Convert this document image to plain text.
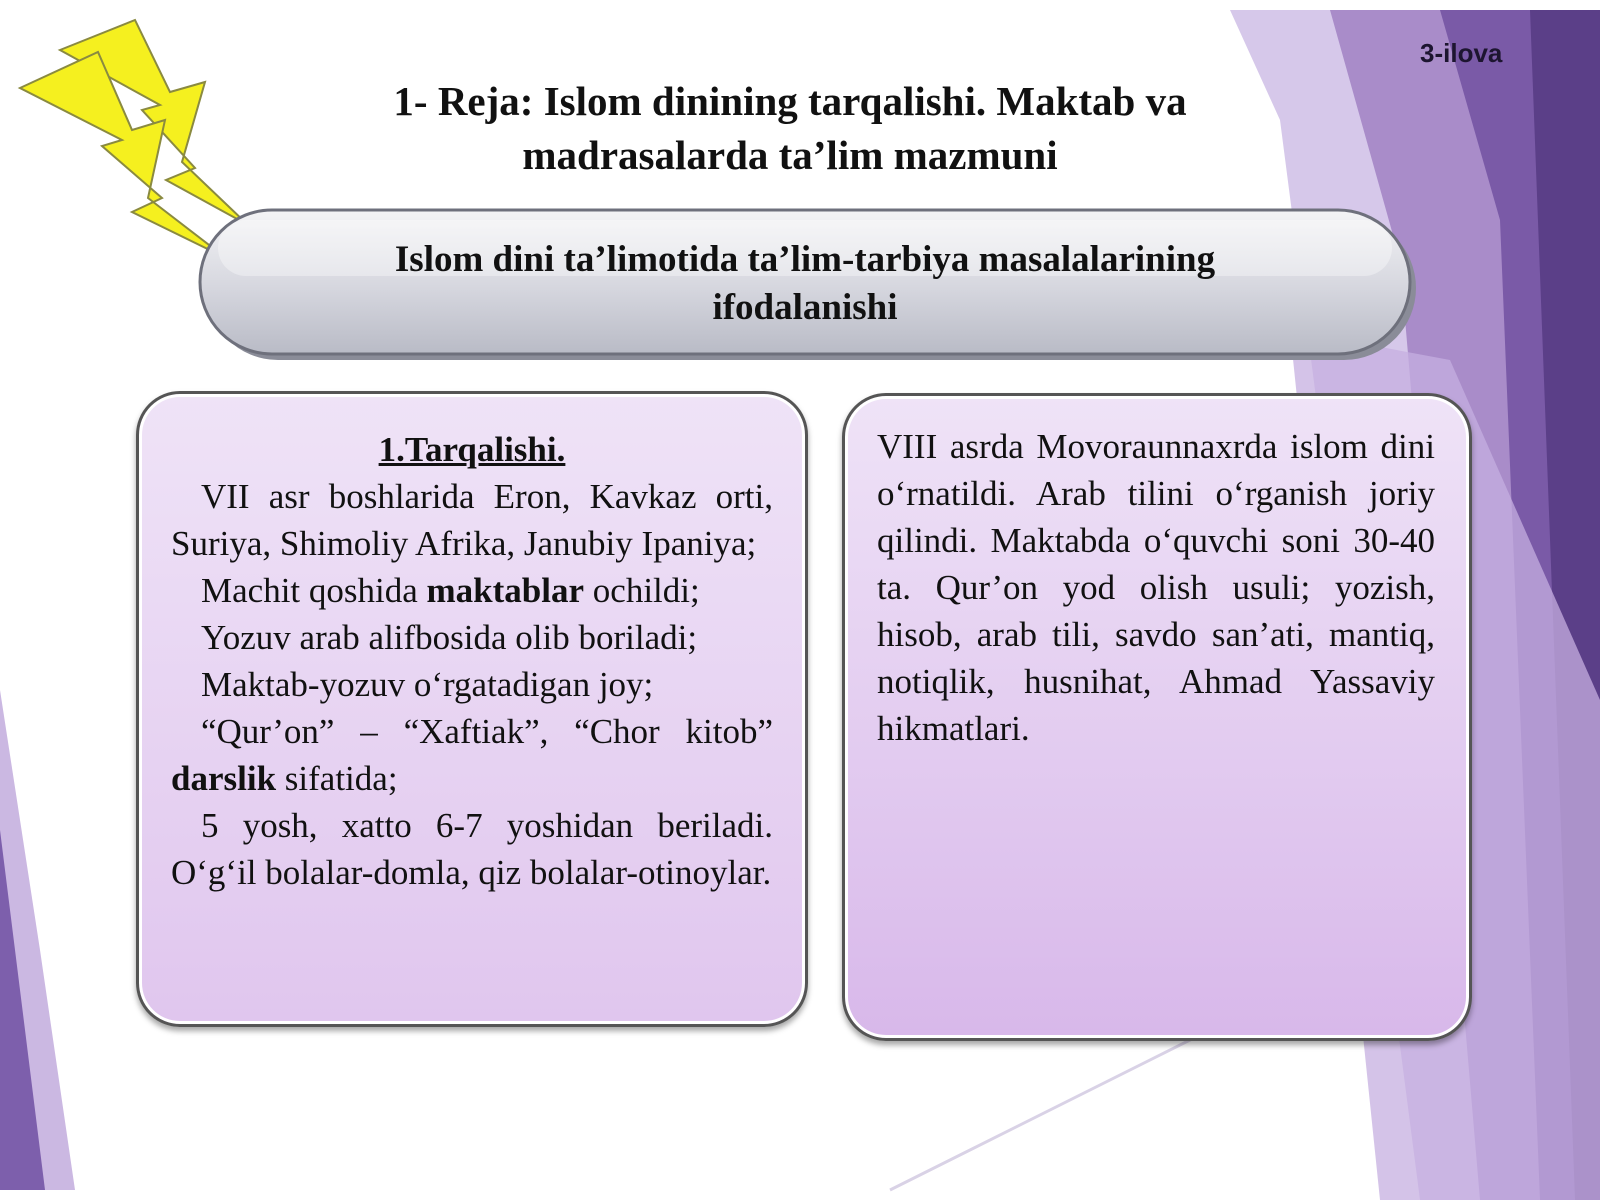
3-ilova
1- Reja: Islom dinining tarqalishi. Maktab va
madrasalarda ta’lim mazmuni
Islom dini ta’limotida ta’lim-tarbiya masalalarining
ifodalanishi

1.Tarqalishi.

VII asr boshlarida Eron, Kavkaz orti, Suriya, Shimoliy Afrika, Janubiy Ipaniya;

Machit qoshida maktablar ochildi;

Yozuv arab alifbosida olib boriladi;

Maktab-yozuv o‘rgatadigan joy;

“Qur’on” – “Xaftiak”, “Chor kitob” darslik sifatida;

5 yosh, xatto 6-7 yoshidan beriladi. O‘g‘il bolalar-domla, qiz bolalar-otinoylar.

VIII asrda Movoraunnaxrda islom dini o‘rnatildi. Arab tilini o‘rganish joriy qilindi. Maktabda o‘quvchi soni 30-40 ta. Qur’on yod olish usuli; yozish, hisob, arab tili, savdo san’ati, mantiq, notiqlik, husnihat, Ahmad Yassaviy hikmatlari.
